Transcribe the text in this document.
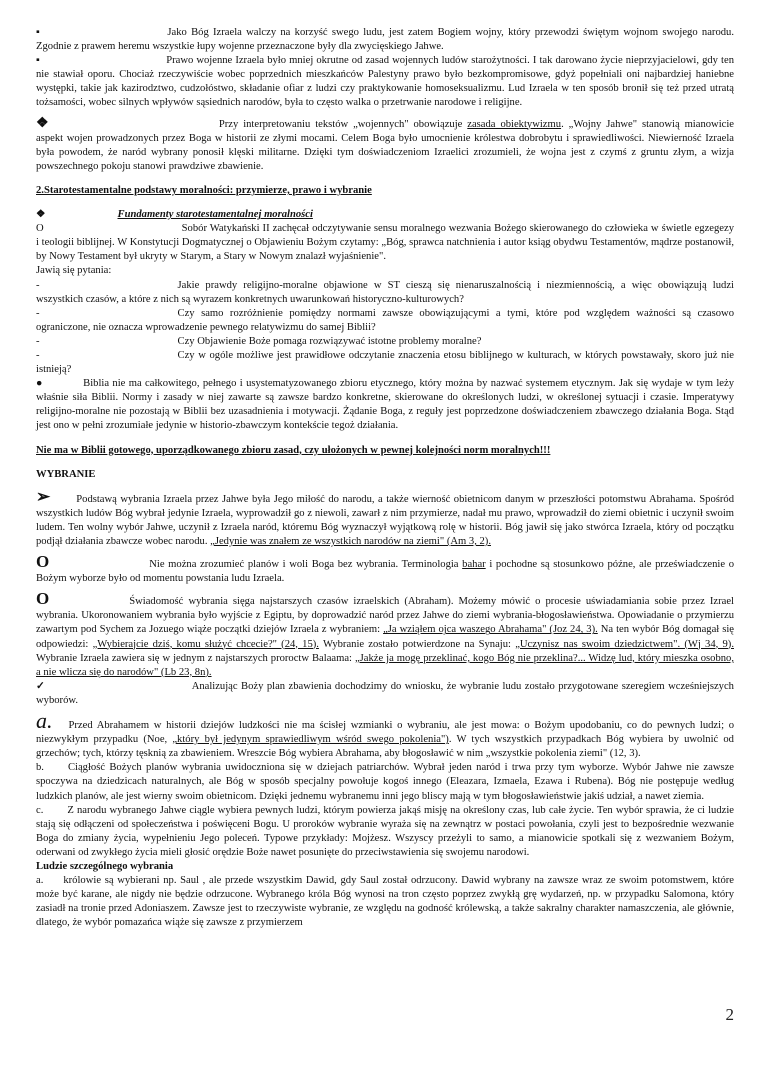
▪	Jako Bóg Izraela walczy na korzyść swego ludu, jest zatem Bogiem wojny, który przewodzi świętym wojnom swojego narodu. Zgodnie z prawem heremu wszystkie łupy wojenne przeznaczone były dla zwycięskiego Jahwe.

▪	Prawo wojenne Izraela było mniej okrutne od zasad wojennych ludów starożytności. I tak darowano życie nieprzyjacielowi, gdy ten nie stawiał oporu. Chociaż rzeczywiście wobec poprzednich mieszkańców Palestyny prawo było bezkompromisowe, gdyż popełniali oni najbardziej haniebne występki, takie jak kazirodztwo, cudzołóstwo, składanie ofiar z ludzi czy praktykowanie homoseksualizmu. Lud Izraela w ten sposób bronił się też przed utratą tożsamości, wobec silnych wpływów sąsiednich narodów, była to często walka o przetrwanie narodowe i religijne.

❖	Przy interpretowaniu tekstów „wojennych" obowiązuje zasada obiektywizmu. „Wojny Jahwe" stanowią mianowicie aspekt wojen prowadzonych przez Boga w historii ze złymi mocami. Celem Boga było umocnienie królestwa dobrobytu i sprawiedliwości. Niewierność Izraela była powodem, że naród wybrany ponosił klęski militarne. Dzięki tym doświadczeniom Izraelici zrozumieli, że wojna jest z czymś z gruntu złym, a wizja powszechnego pokoju stanowi prawdziwe zbawienie.

2.Starotestamentalne podstawy moralności: przymierze, prawo i wybranie

❖	Fundamenty starotestamentalnej moralności

O	Sobór Watykański II zachęcał odczytywanie sensu moralnego wezwania Bożego skierowanego do człowieka w świetle egzegezy i teologii biblijnej. W Konstytucji Dogmatycznej o Objawieniu Bożym czytamy: „Bóg, sprawca natchnienia i autor ksiąg obydwu Testamentów, mądrze postanowił, by Nowy Testament był ukryty w Starym, a Stary w Nowym znalazł wyjaśnienie".

Jawią się pytania:

-	Jakie prawdy religijno-moralne objawione w ST cieszą się nienaruszalnością i niezmiennością, a więc obowiązują ludzi wszystkich czasów, a które z nich są wyrazem konkretnych uwarunkowań historyczno-kulturowych?

-	Czy samo rozróżnienie pomiędzy normami zawsze obowiązującymi a tymi, które pod względem ważności są czasowo ograniczone, nie oznacza wprowadzenie pewnego relatywizmu do samej Biblii?

-	Czy Objawienie Boże pomaga rozwiązywać istotne problemy moralne?

-	Czy w ogóle możliwe jest prawidłowe odczytanie znaczenia etosu biblijnego w kulturach, w których powstawały, skoro już nie istnieją?

●	Biblia nie ma całkowitego, pełnego i usystematyzowanego zbioru etycznego, który można by nazwać systemem etycznym. Jak się wydaje w tym leży właśnie siła Biblii. Normy i zasady w niej zawarte są zawsze bardzo konkretne, skierowane do określonych ludzi, w określonej sytuacji i czasie. Imperatywy religijno-moralne nie pozostają w Biblii bez uzasadnienia i motywacji. Żądanie Boga, z reguły jest poprzedzone doświadczeniem zbawczego działania Boga. Stąd jest ono w pełni zrozumiałe jedynie w historio-zbawczym kontekście tegoż działania.

Nie ma w Biblii gotowego, uporządkowanego zbioru zasad, czy ułożonych w pewnej kolejności norm moralnych!!!

WYBRANIE

➢ Podstawą wybrania Izraela przez Jahwe była Jego miłość do narodu, a także wierność obietnicom danym w przeszłości potomstwu Abrahama. Spośród wszystkich ludów Bóg wybrał jedynie Izraela, wyprowadził go z niewoli, zawarł z nim przymierze, nadał mu prawo, wprowadził do ziemi obietnic i uczynił swoim ludem. Ten wolny wybór Jahwe, uczynił z Izraela naród, któremu Bóg wyznaczył wyjątkową rolę w historii. Bóg jawił się jako stwórca Izraela, który od początku podjął działania zbawcze wobec narodu. „Jedynie was znałem ze wszystkich narodów na ziemi" (Am 3, 2).

O	Nie można zrozumieć planów i woli Boga bez wybrania. Terminologia bahar i pochodne są stosunkowo późne, ale przeświadczenie o Bożym wyborze było od momentu powstania ludu Izraela.

O	Świadomość wybrania sięga najstarszych czasów izraelskich (Abraham). Możemy mówić o procesie uświadamiania sobie przez Izrael wybrania. Ukoronowaniem wybrania było wyjście z Egiptu, by doprowadzić naród przez Jahwe do ziemi wybrania-błogosławieństwa. Opowiadanie o przymierzu zawartym pod Sychem za Jozuego wiąże początki dziejów Izraela z wybraniem: „Ja wziąłem ojca waszego Abrahama" (Joz 24, 3). Na ten wybór Bóg domagał się odpowiedzi: „Wybierajcie dziś, komu służyć chcecie?" (24, 15). Wybranie zostało potwierdzone na Synaju: „Uczynisz nas swoim dziedzictwem". (Wj 34, 9). Wybranie Izraela zawiera się w jednym z najstarszych proroctw Balaama: „Jakże ja mogę przeklinać, kogo Bóg nie przeklina?... Widzę lud, który mieszka osobno, a nie wlicza się do narodów" (Lb 23, 8n).

✓	Analizując Boży plan zbawienia dochodzimy do wniosku, że wybranie ludu zostało przygotowane szeregiem wcześniejszych wyborów.

a. Przed Abrahamem w historii dziejów ludzkości nie ma ścisłej wzmianki o wybraniu, ale jest mowa: o Bożym upodobaniu, co do pewnych ludzi; o niezwykłym przypadku (Noe, „który był jedynym sprawiedliwym wśród swego pokolenia"). W tych wszystkich przypadkach Bóg wybiera by uwolnić od grzechów; tych, którzy tęsknią za zbawieniem. Wreszcie Bóg wybiera Abrahama, aby błogosławić w nim „wszystkie pokolenia ziemi" (12, 3).

b. Ciągłość Bożych planów wybrania uwidoczniona się w dziejach patriarchów. Wybrał jeden naród i trwa przy tym wyborze. Wybór Jahwe nie zawsze spoczywa na dziedzicach naturalnych, ale Bóg w sposób specjalny powołuje kogoś innego (Eleazara, Izmaela, Ezawa i Rubena). Bóg nie postępuje według ludzkich planów, ale jest wierny swoim obietnicom. Dzięki jednemu wybranemu inni jego bliscy mają w tym błogosławieństwie jakiś udział, a nawet ziemia.

c. Z narodu wybranego Jahwe ciągle wybiera pewnych ludzi, którym powierza jakąś misję na określony czas, lub całe życie. Ten wybór sprawia, że ci ludzie stają się odłączeni od społeczeństwa i poświęceni Bogu. U proroków wybranie wyraża się na zewnątrz w postaci powołania, czyli jest to bezpośrednie wezwanie Boga do zmiany życia, wypełnieniu Jego poleceń. Typowe przykłady: Mojżesz. Wszyscy przeżyli to samo, a mianowicie spotkali się z wezwaniem Bożym, oderwani od zwykłego życia mieli głosić orędzie Boże nawet posunięte do przeciwstawienia się swojemu narodowi.

Ludzie szczególnego wybrania

a. królowie są wybierani np. Saul , ale przede wszystkim Dawid, gdy Saul został odrzucony. Dawid wybrany na zawsze wraz ze swoim potomstwem, które może być karane, ale nigdy nie będzie odrzucone. Wybranego króla Bóg wynosi na tron często poprzez zwykłą grę wydarzeń, np. w przypadku Salomona, który zasiadł na tronie przed Adoniaszem. Zawsze jest to rzeczywiste wybranie, ze względu na godność królewską, a także sakralny charakter namaszczenia, ale głównie, dlatego, że wybór pomazańca wiąże się zawsze z przymierzem

2
